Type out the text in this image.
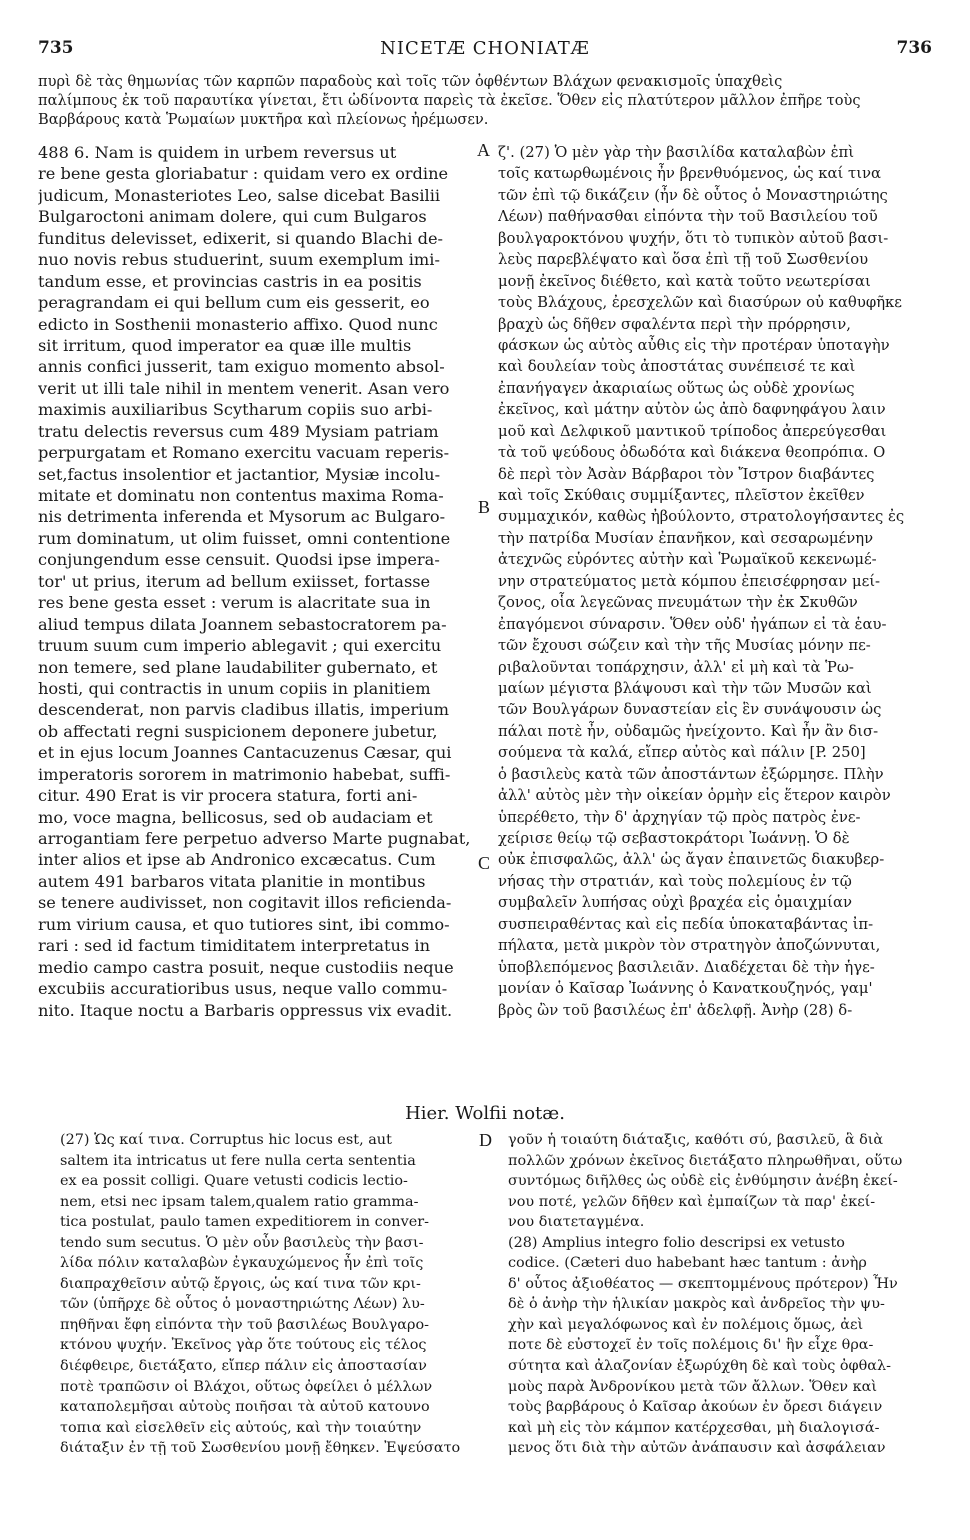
735	NICETÆ CHONIATÆ	736
πυρὶ δὲ τὰς θημωνίας τῶν καρπῶν παραδοὺς καὶ τοῖς τῶν ὀφθέντων Βλάχων φενακισμοῖς ὑπαχθεὶς
παλίμπους ἐκ τοῦ παραυτίκα γίνεται, ἔτι ὠδίνοντα παρεὶς τὰ ἐκεῖσε. Ὅθεν εἰς πλατύτερον μᾶλλον ἐπῆρε τοὺς
Βαρβάρους κατὰ Ῥωμαίων μυκτῆρα καὶ πλείονως ἠρέμωσεν.
488 6. Nam is quidem in urbem reversus ut
re bene gesta gloriabatur : quidam vero ex ordine
judicum, Monasteriotes Leo, salse dicebat Basilii
Bulgaroctoni animam dolere, qui cum Bulgaros
funditus delevisset, edixerit, si quando Blachi de-
nuo novis rebus studuerint, suum exemplum imi-
tandum esse, et provincias castris in ea positis
peragrandam ei qui bellum cum eis gesserit, eo
edicto in Sosthenii monasterio affixo. Quod nunc
sit irritum, quod imperator ea quæ ille multis
annis confici jusserit, tam exiguo momento absol-
verit ut illi tale nihil in mentem venerit. Asan vero
maximis auxiliaribus Scytharum copiis suo arbi-
tratu delectis reversus cum 489 Mysiam patriam
perpurgatam et Romano exercitu vacuam reperis-
set,factus insolentior et jactantior, Mysiæ incolu-
mitate et dominatu non contentus maxima Roma-
nis detrimenta inferenda et Mysorum ac Bulgaro-
rum dominatum, ut olim fuisset, omni contentione
conjungendum esse censuit. Quodsi ipse impera-
tor' ut prius, iterum ad bellum exiisset, fortasse
res bene gesta esset : verum is alacritate sua in
aliud tempus dilata Joannem sebastocratorem pa-
truum suum cum imperio ablegavit ; qui exercitu
non temere, sed plane laudabiliter gubernato, et
hosti, qui contractis in unum copiis in planitiem
descenderat, non parvis cladibus illatis, imperium
ob affectati regni suspicionem deponere jubetur,
et in ejus locum Joannes Cantacuzenus Cæsar, qui
imperatoris sororem in matrimonio habebat, suffi-
citur. 490 Erat is vir procera statura, forti ani-
mo, voce magna, bellicosus, sed ob audaciam et
arrogantiam fere perpetuo adverso Marte pugnabat,
inter alios et ipse ab Andronico excæcatus. Cum
autem 491 barbaros vitata planitie in montibus
se tenere audivisset, non cogitavit illos reficienda-
rum virium causa, et quo tutiores sint, ibi commo-
rari : sed id factum timiditatem interpretatus in
medio campo castra posuit, neque custodiis neque
excubiis accuratioribus usus, neque vallo commu-
nito. Itaque noctu a Barbaris oppressus vix evadit.
ζ'. (27) Ὁ μὲν γὰρ τὴν βασιλίδα καταλαβὼν ἐπὶ
τοῖς κατωρθωμένοις ἦν βρενθυόμενος, ὡς καί τινα
τῶν ἐπὶ τῷ δικάζειν (ἦν δὲ οὗτος ὁ Μοναστηριώτης
Λέων) παθήνασθαι εἰπόντα τὴν τοῦ Βασιλείου τοῦ
βουλγαροκτόνου ψυχήν, ὅτι τὸ τυπικὸν αὐτοῦ βασι-
λεὺς παρεβλέψατο καὶ ὅσα ἐπὶ τῇ τοῦ Σωσθενίου
μονῇ ἐκεῖνος διέθετο, καὶ κατὰ τοῦτο νεωτερίσαι
τοὺς Βλάχους, ἐρεσχελῶν καὶ διασύρων οὐ καθυφῆκε
βραχὺ ὡς δῆθεν σφαλέντα περὶ τὴν πρόρρησιν,
φάσκων ὡς αὐτὸς αὖθις εἰς τὴν προτέραν ὑποταγὴν
καὶ δουλείαν τοὺς ἀποστάτας συνέπεισέ τε καὶ
ἐπανήγαγεν ἀκαριαίως οὕτως ὡς οὐδὲ χρονίως
ἐκεῖνος, καὶ μάτην αὐτὸν ὡς ἀπὸ δαφνηφάγου λαιν
μοῦ καὶ Δελφικοῦ μαντικοῦ τρίποδος ἀπερεύγεσθαι
τὰ τοῦ ψεύδους ὀδωδότα καὶ διάκενα θεοπρόπια. Ο
δὲ περὶ τὸν Ἀσὰν Βάρβαροι τὸν Ἴστρον διαβάντες
καὶ τοῖς Σκύθαις συμμίξαντες, πλεῖστον ἐκεῖθεν
συμμαχικόν, καθὼς ἠβούλοντο, στρατολογήσαντες ἐς
τὴν πατρίδα Μυσίαν ἐπανῆκον, καὶ σεσαρωμένην
ἀτεχνῶς εὑρόντες αὐτὴν καὶ Ῥωμαϊκοῦ κεκενωμέ-
νην στρατεύματος μετὰ κόμπου ἐπεισέφρησαν μεί-
ζονος, οἷα λεγεῶνας πνευμάτων τὴν ἐκ Σκυθῶν
ἐπαγόμενοι σύναρσιν. Ὅθεν οὐδ' ἠγάπων εἰ τὰ ἑαυ-
τῶν ἔχουσι σώζειν καὶ τὴν τῆς Μυσίας μόνην πε-
ριβαλοῦνται τοπάρχησιν, ἀλλ' εἰ μὴ καὶ τὰ Ῥω-
μαίων μέγιστα βλάψουσι καὶ τὴν τῶν Μυσῶν καὶ
τῶν Βουλγάρων δυναστείαν εἰς ἓν συνάψουσιν ὡς
πάλαι ποτὲ ἦν, οὐδαμῶς ἠνείχοντο. Καὶ ἦν ἂν δισ-
σούμενα τὰ καλά, εἴπερ αὐτὸς καὶ πάλιν [P. 250]
ὁ βασιλεὺς κατὰ τῶν ἀποστάντων ἐξώρμησε. Πλὴν
ἀλλ' αὐτὸς μὲν τὴν οἰκείαν ὁρμὴν εἰς ἕτερον καιρὸν
ὑπερέθετο, τὴν δ' ἀρχηγίαν τῷ πρὸς πατρὸς ἐνε-
χείρισε θείῳ τῷ σεβαστοκράτορι Ἰωάννῃ. Ὁ δὲ
οὐκ ἐπισφαλῶς, ἀλλ' ὡς ἄγαν ἐπαινετῶς διακυβερ-
νήσας τὴν στρατιάν, καὶ τοὺς πολεμίους ἐν τῷ
συμβαλεῖν λυπήσας οὐχὶ βραχέα εἰς ὁμαιχμίαν
συσπειραθέντας καὶ εἰς πεδία ὑποκαταβάντας ἰπ-
πήλατα, μετὰ μικρὸν τὸν στρατηγὸν ἀποζώννυται,
ὑποβλεπόμενος βασιλειᾶν. Διαδέχεται δὲ τὴν ἡγε-
μονίαν ὁ Καῖσαρ Ἰωάννης ὁ Κανατκουζηνός, γαμ'
βρὸς ὢν τοῦ βασιλέως ἐπ' ἀδελφῇ. Ἀνὴρ (28) δ-
A
B
C
D
Hier. Wolfii notæ.
(27) Ὡς καί τινα. Corruptus hic locus est, aut
saltem ita intricatus ut fere nulla certa sententia
ex ea possit colligi. Quare vetusti codicis lectio-
nem, etsi nec ipsam talem,qualem ratio gramma-
tica postulat, paulo tamen expeditiorem in conver-
tendo sum secutus. Ὁ μὲν οὖν βασιλεὺς τὴν βασι-
λίδα πόλιν καταλαβὼν ἐγκαυχώμενος ἦν ἐπὶ τοῖς
διαπραχθεῖσιν αὐτῷ ἔργοις, ὡς καί τινα τῶν κρι-
τῶν (ὑπῆρχε δὲ οὗτος ὁ μοναστηριώτης Λέων) λυ-
πηθῆναι ἔφη εἰπόντα τὴν τοῦ βασιλέως Βουλγαρο-
κτόνου ψυχήν. Ἐκεῖνος γὰρ ὅτε τούτους εἰς τέλος
διέφθειρε, διετάξατο, εἴπερ πάλιν εἰς ἀποστασίαν
ποτὲ τραπῶσιν οἱ Βλάχοι, οὕτως ὀφείλει ὁ μέλλων
καταπολεμῆσαι αὐτοὺς ποιῆσαι τὰ αὐτοῦ κατουνο
τοπια καὶ εἰσελθεῖν εἰς αὐτούς, καὶ τὴν τοιαύτην
διάταξιν ἐν τῇ τοῦ Σωσθενίου μονῇ ἔθηκεν. Ἐψεύσατο
γοῦν ἡ τοιαύτη διάταξις, καθότι σύ, βασιλεῦ, ἃ διὰ
πολλῶν χρόνων ἐκεῖνος διετάξατο πληρωθῆναι, οὕτω
συντόμως διῆλθες ὡς οὐδὲ εἰς ἐνθύμησιν ἀνέβη ἐκεί-
νου ποτέ, γελῶν δῆθεν καὶ ἐμπαίζων τὰ παρ' ἐκεί-
νου διατεταγμένα.
(28) Amplius integro folio descripsi ex vetusto
codice. (Cæteri duo habebant hæc tantum : ἀνὴρ
δ' οὗτος ἀξιοθέατος — σκεπτομμένους πρότερον) Ἦν
δὲ ὁ ἀνὴρ τὴν ἡλικίαν μακρὸς καὶ ἀνδρεῖος τὴν ψυ-
χὴν καὶ μεγαλόφωνος καὶ ἐν πολέμοις ὅμως, ἀεὶ
ποτε δὲ εὐστοχεῖ ἐν τοῖς πολέμοις δι' ἣν εἶχε θρα-
σύτητα καὶ ἀλαζονίαν ἐξωρύχθη δὲ καὶ τοὺς ὀφθαλ-
μοὺς παρὰ Ἀνδρονίκου μετὰ τῶν ἄλλων. Ὅθεν καὶ
τοὺς βαρβάρους ὁ Καῖσαρ ἀκούων ἐν ὄρεσι διάγειν
καὶ μὴ εἰς τὸν κάμπον κατέρχεσθαι, μὴ διαλογισά-
μενος ὅτι διὰ τὴν αὐτῶν ἀνάπαυσιν καὶ ἀσφάλειαν
